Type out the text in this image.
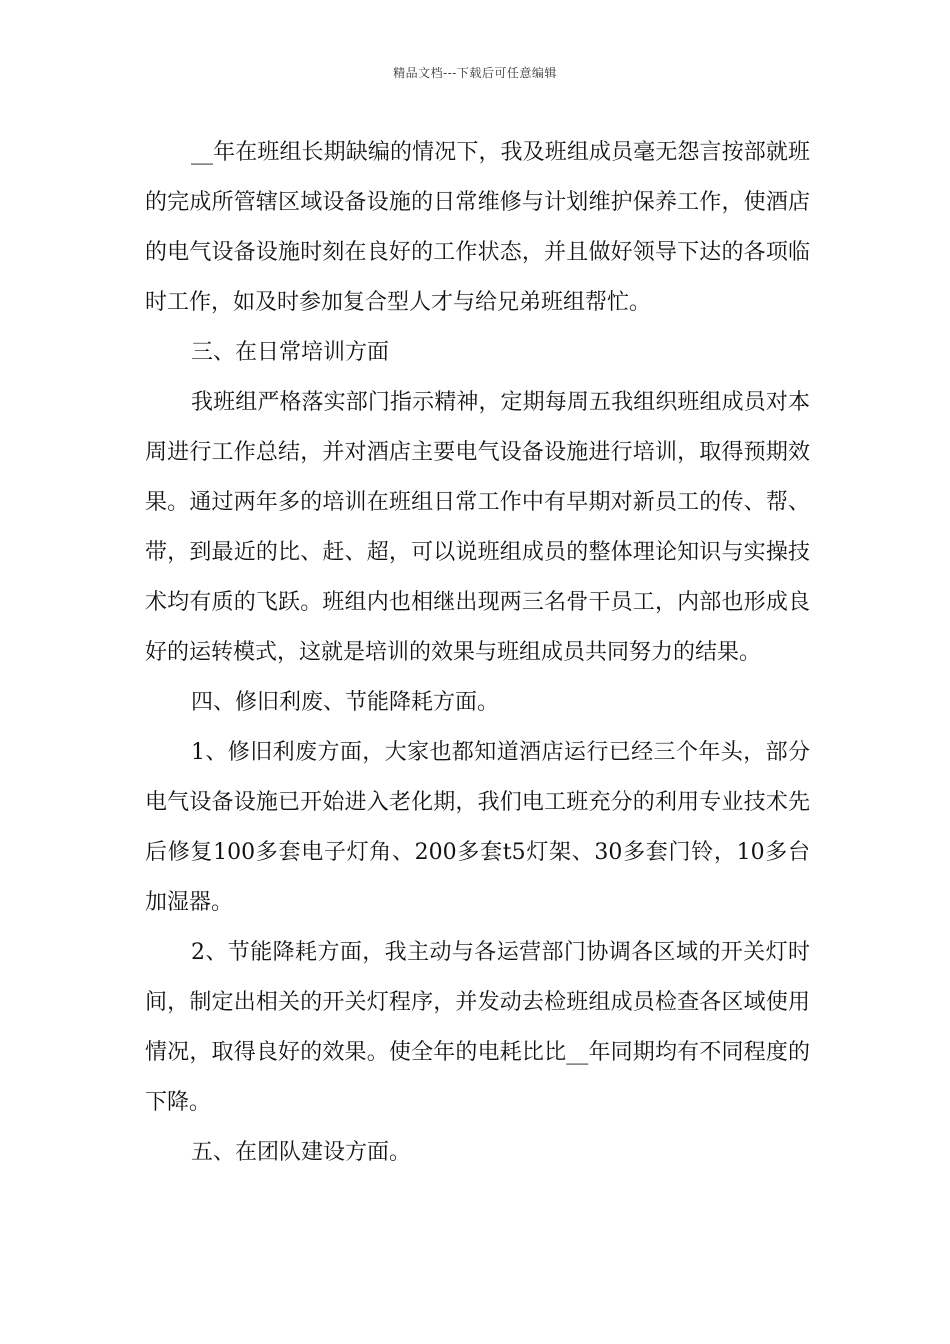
精品文档---下载后可任意编辑

__年在班组长期缺编的情况下，我及班组成员毫无怨言按部就班的完成所管辖区域设备设施的日常维修与计划维护保养工作，使酒店的电气设备设施时刻在良好的工作状态，并且做好领导下达的各项临时工作，如及时参加复合型人才与给兄弟班组帮忙。

三、在日常培训方面

我班组严格落实部门指示精神，定期每周五我组织班组成员对本周进行工作总结，并对酒店主要电气设备设施进行培训，取得预期效果。通过两年多的培训在班组日常工作中有早期对新员工的传、帮、带，到最近的比、赶、超，可以说班组成员的整体理论知识与实操技术均有质的飞跃。班组内也相继出现两三名骨干员工，内部也形成良好的运转模式，这就是培训的效果与班组成员共同努力的结果。

四、修旧利废、节能降耗方面。

1、修旧利废方面，大家也都知道酒店运行已经三个年头，部分电气设备设施已开始进入老化期，我们电工班充分的利用专业技术先后修复100多套电子灯角、200多套t5灯架、30多套门铃，10多台加湿器。

2、节能降耗方面，我主动与各运营部门协调各区域的开关灯时间，制定出相关的开关灯程序，并发动去检班组成员检查各区域使用情况，取得良好的效果。使全年的电耗比比__年同期均有不同程度的下降。

五、在团队建设方面。
